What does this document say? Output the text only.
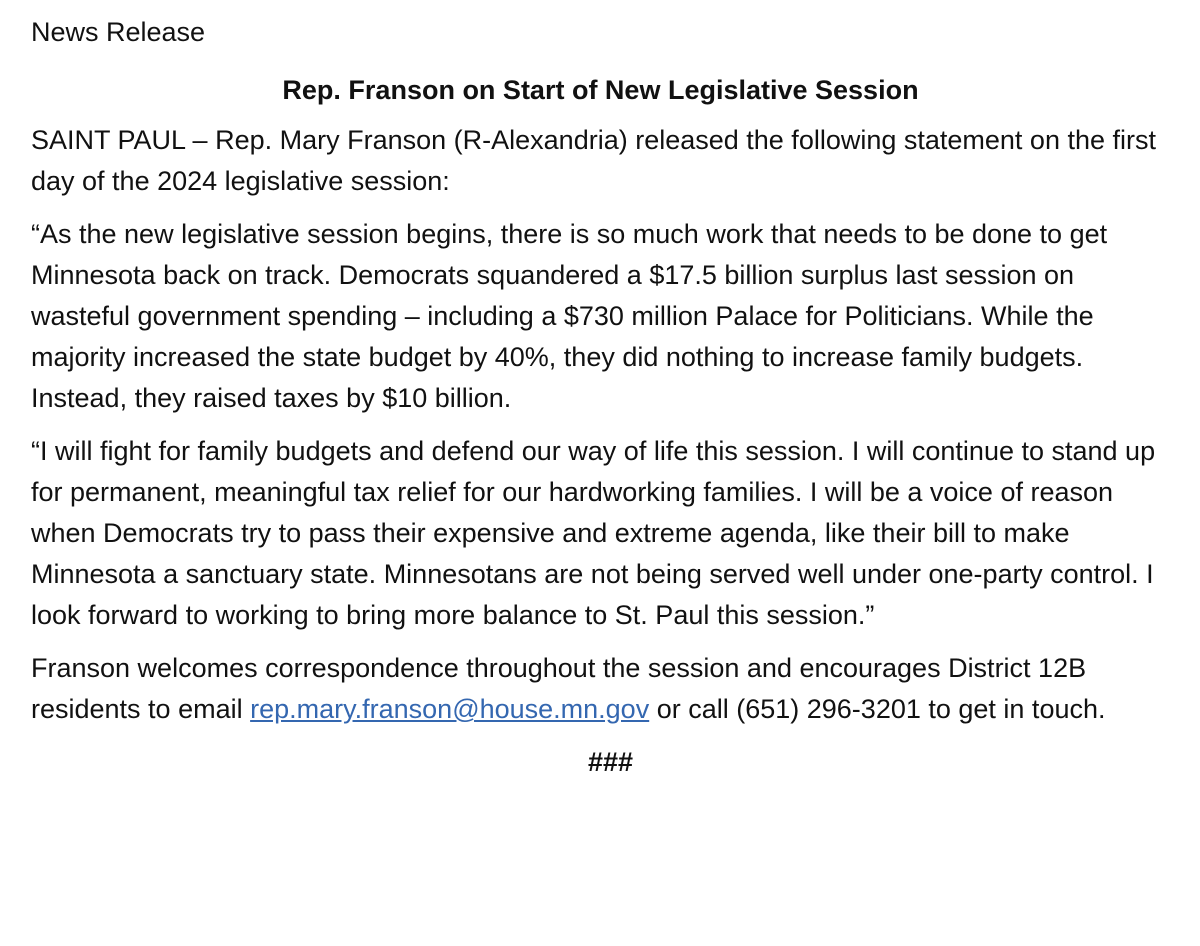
News Release
Rep. Franson on Start of New Legislative Session

SAINT PAUL – Rep. Mary Franson (R-Alexandria) released the following statement on the first day of the 2024 legislative session:

“As the new legislative session begins, there is so much work that needs to be done to get Minnesota back on track. Democrats squandered a $17.5 billion surplus last session on wasteful government spending – including a $730 million Palace for Politicians. While the majority increased the state budget by 40%, they did nothing to increase family budgets. Instead, they raised taxes by $10 billion.

“I will fight for family budgets and defend our way of life this session. I will continue to stand up for permanent, meaningful tax relief for our hardworking families. I will be a voice of reason when Democrats try to pass their expensive and extreme agenda, like their bill to make Minnesota a sanctuary state. Minnesotans are not being served well under one-party control. I look forward to working to bring more balance to St. Paul this session.”

Franson welcomes correspondence throughout the session and encourages District 12B residents to email rep.mary.franson@house.mn.gov or call (651) 296-3201 to get in touch.

###
